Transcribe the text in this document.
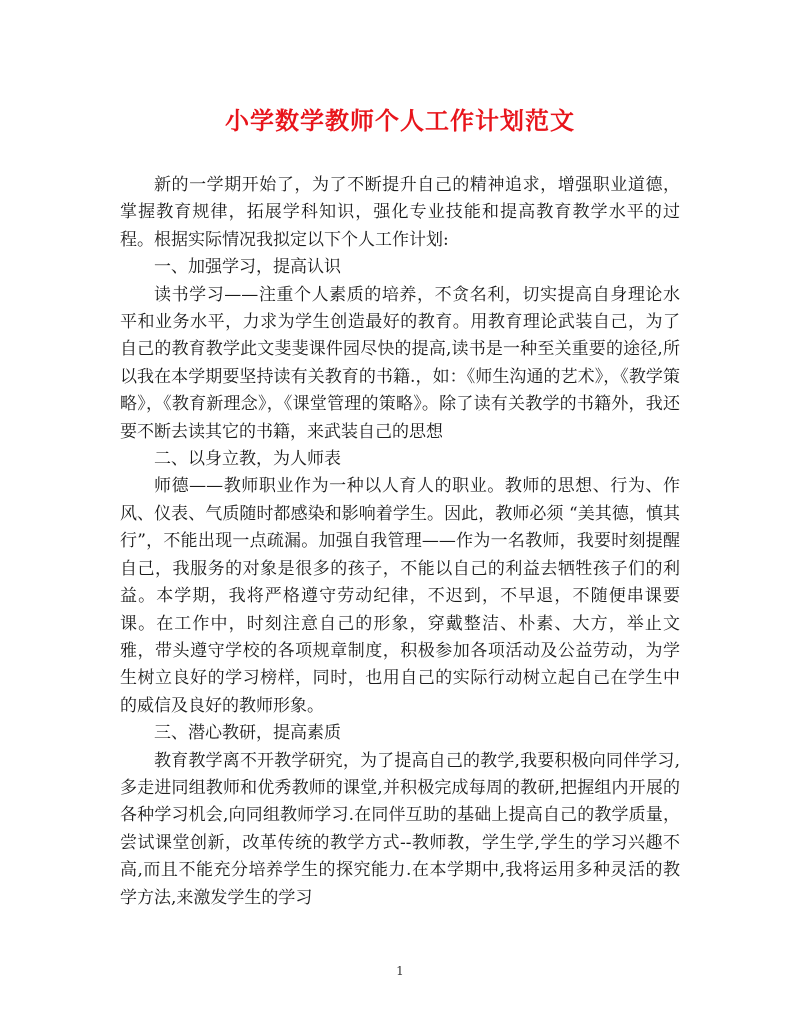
小学数学教师个人工作计划范文

新的一学期开始了，为了不断提升自己的精神追求，增强职业道德，掌握教育规律，拓展学科知识，强化专业技能和提高教育教学水平的过程。根据实际情况我拟定以下个人工作计划:

一、加强学习，提高认识

读书学习——注重个人素质的培养，不贪名利，切实提高自身理论水平和业务水平，力求为学生创造最好的教育。用教育理论武装自己，为了自己的教育教学此文斐斐课件园尽快的提高,读书是一种至关重要的途径,所以我在本学期要坚持读有关教育的书籍.，如：《师生沟通的艺术》，《教学策略》，《教育新理念》，《课堂管理的策略》。除了读有关教学的书籍外，我还要不断去读其它的书籍，来武装自己的思想

二、以身立教，为人师表

师德——教师职业作为一种以人育人的职业。教师的思想、行为、作风、仪表、气质随时都感染和影响着学生。因此，教师必须 “美其德，慎其行”，不能出现一点疏漏。加强自我管理——作为一名教师，我要时刻提醒自己，我服务的对象是很多的孩子，不能以自己的利益去牺牲孩子们的利益。本学期，我将严格遵守劳动纪律，不迟到，不早退，不随便串课要课。在工作中，时刻注意自己的形象，穿戴整洁、朴素、大方，举止文雅，带头遵守学校的各项规章制度，积极参加各项活动及公益劳动，为学生树立良好的学习榜样，同时，也用自己的实际行动树立起自己在学生中的威信及良好的教师形象。

三、潜心教研，提高素质

教育教学离不开教学研究，为了提高自己的教学,我要积极向同伴学习,多走进同组教师和优秀教师的课堂,并积极完成每周的教研,把握组内开展的各种学习机会,向同组教师学习.在同伴互助的基础上提高自己的教学质量， 尝试课堂创新，改革传统的教学方式--教师教，学生学,学生的学习兴趣不高,而且不能充分培养学生的探究能力.在本学期中,我将运用多种灵活的教学方法,来激发学生的学习

1
